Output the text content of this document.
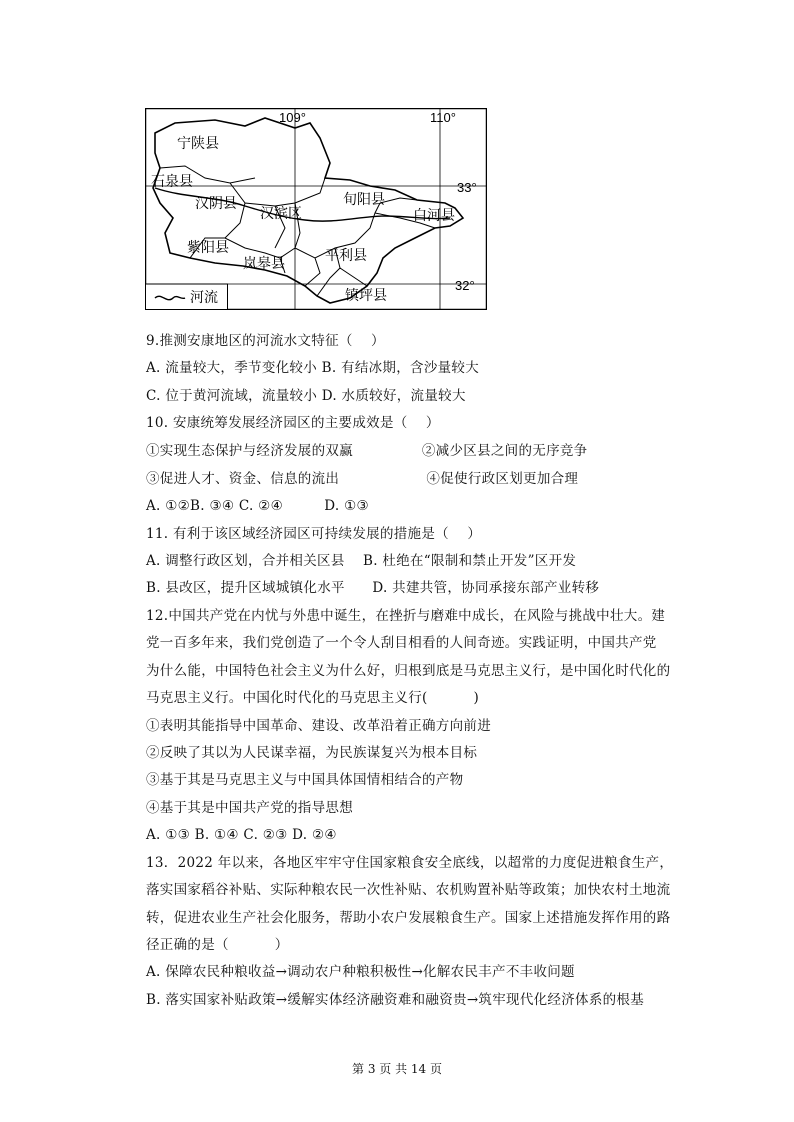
109°	110°
33°
32°
宁陕县
石泉县
汉阴县
汉滨区
旬阳县
白河县
紫阳县
岚皋县	平利县
镇坪县
河流
9.推测安康地区的河流水文特征（    ）
A. 流量较大，季节变化较小 B. 有结冰期，含沙量较大
C. 位于黄河流域，流量较小 D. 水质较好，流量较大
10. 安康统筹发展经济园区的主要成效是（    ）
①实现生态保护与经济发展的双赢               ②减少区县之间的无序竞争
③促进人才、资金、信息的流出                   ④促使行政区划更加合理
A. ①②B. ③④ C. ②④         D. ①③
11. 有利于该区域经济园区可持续发展的措施是（    ）
A. 调整行政区划，合并相关区县    B. 杜绝在“限制和禁止开发”区开发
B. 县改区，提升区域城镇化水平      D. 共建共管，协同承接东部产业转移
12.中国共产党在内忧与外患中诞生，在挫折与磨难中成长，在风险与挑战中壮大。建
党一百多年来，我们党创造了一个令人刮目相看的人间奇迹。实践证明，中国共产党
为什么能，中国特色社会主义为什么好，归根到底是马克思主义行，是中国化时代化的
马克思主义行。中国化时代化的马克思主义行(          )
①表明其能指导中国革命、建设、改革沿着正确方向前进
②反映了其以为人民谋幸福，为民族谋复兴为根本目标
③基于其是马克思主义与中国具体国情相结合的产物
④基于其是中国共产党的指导思想
A. ①③ B. ①④ C. ②③ D. ②④
13．2022 年以来，各地区牢牢守住国家粮食安全底线，以超常的力度促进粮食生产，
落实国家稻谷补贴、实际种粮农民一次性补贴、农机购置补贴等政策；加快农村土地流
转，促进农业生产社会化服务，帮助小农户发展粮食生产。国家上述措施发挥作用的路
径正确的是（          ）
A. 保障农民种粮收益→调动农户种粮积极性→化解农民丰产不丰收问题
B. 落实国家补贴政策→缓解实体经济融资难和融资贵→筑牢现代化经济体系的根基
第 3 页 共 14 页
